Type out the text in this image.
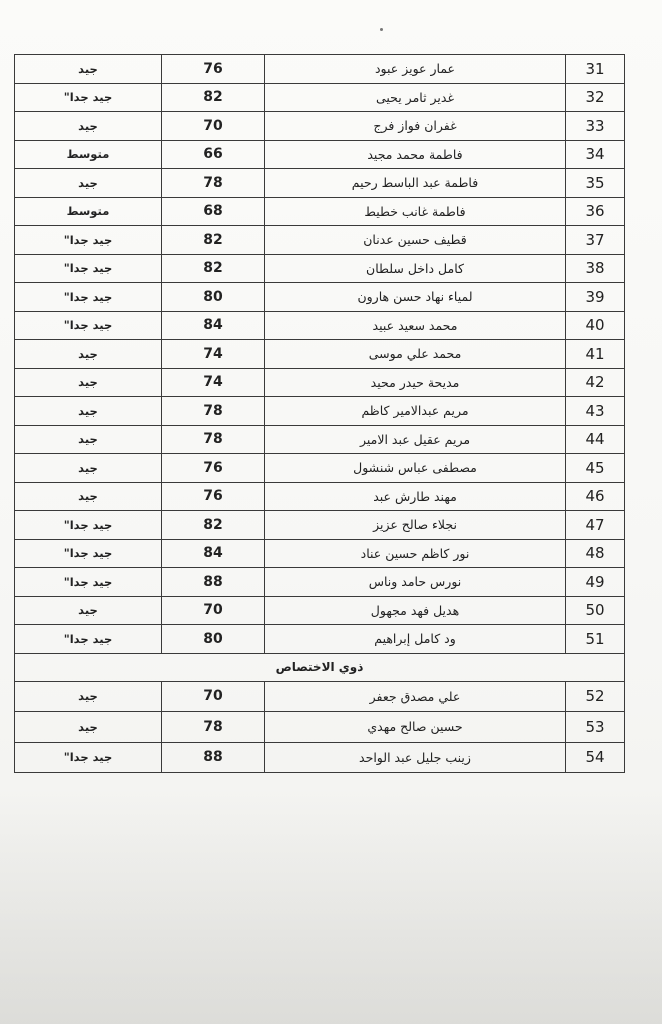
31	عمار عويز عبود	76	جيد
32	غدير ثامر يحيى	82	جيد جدا"
33	غفران فواز فرج	70	جيد
34	فاطمة محمد مجيد	66	متوسط
35	فاطمة عبد الباسط رحيم	78	جيد
36	فاطمة غانب خطيط	68	متوسط
37	قطيف حسين عدنان	82	جيد جدا"
38	كامل داخل سلطان	82	جيد جدا"
39	لمياء نهاد حسن هارون	80	جيد جدا"
40	محمد سعيد عبيد	84	جيد جدا"
41	محمد علي موسى	74	جيد
42	مديحة حيدر محيد	74	جيد
43	مريم عبدالامير كاظم	78	جيد
44	مريم عقيل عبد الامير	78	جيد
45	مصطفى عباس شنشول	76	جيد
46	مهند طارش عبد	76	جيد
47	نجلاء صالح عزيز	82	جيد جدا"
48	نور كاظم حسين عناد	84	جيد جدا"
49	نورس حامد وناس	88	جيد جدا"
50	هديل فهد مجهول	70	جيد
51	ود كامل إبراهيم	80	جيد جدا"
ذوي الاختصاص			
52	علي مصدق جعفر	70	جيد
53	حسين صالح مهدي	78	جيد
54	زينب جليل عبد الواحد	88	جيد جدا"
